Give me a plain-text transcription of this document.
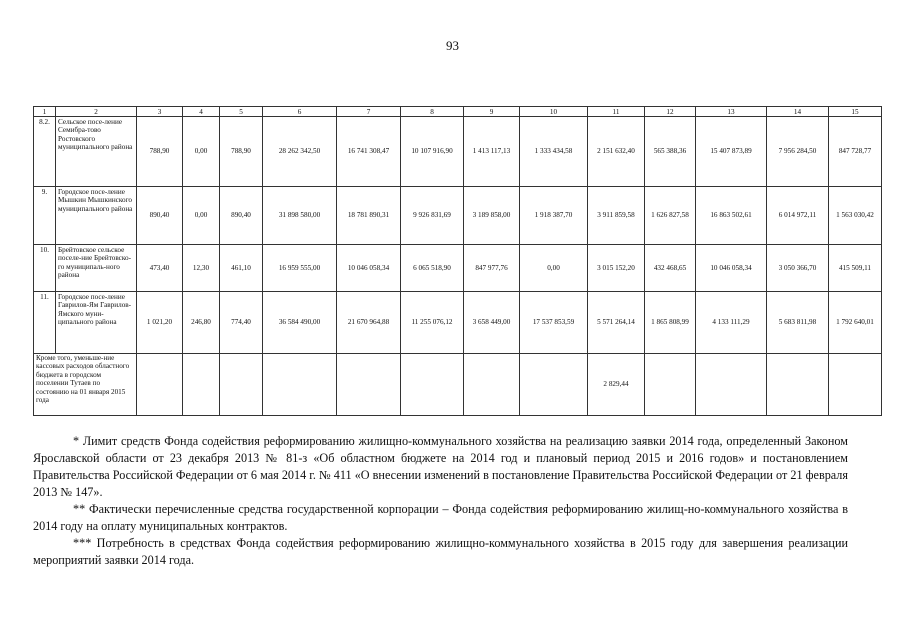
93
1	2	3	4	5	6	7	8	9	10	11	12	13	14	15
8.2.	Сельское посе-ление Семибра-тово Ростовского муниципального района	788,90	0,00	788,90	28 262 342,50	16 741 308,47	10 107 916,90	1 413 117,13	1 333 434,58	2 151 632,40	565 388,36	15 407 873,89	7 956 284,50	847 728,77
9.	Городское посе-ление Мышкин Мышкинского муниципального района	890,40	0,00	890,40	31 898 580,00	18 781 890,31	9 926 831,69	3 189 858,00	1 918 387,70	3 911 859,58	1 626 827,58	16 863 502,61	6 014 972,11	1 563 030,42
10.	Брейтовское сельское поселе-ние Брейтовско-го муниципаль-ного района	473,40	12,30	461,10	16 959 555,00	10 046 058,34	6 065 518,90	847 977,76	0,00	3 015 152,20	432 468,65	10 046 058,34	3 050 366,70	415 509,11
11.	Городское посе-ление Гаврилов-Ям Гаврилов-Ямского муни-ципального района	1 021,20	246,80	774,40	36 584 490,00	21 670 964,88	11 255 076,12	3 658 449,00	17 537 853,59	5 571 264,14	1 865 808,99	4 133 111,29	5 683 811,98	1 792 640,01
Кроме того, уменьше-ние кассовых расходов областного бюджета в городском поселении Тутаев по состоянию на 01 января 2015 года										2 829,44				

* Лимит средств Фонда содействия реформированию жилищно-коммунального хозяйства на реализацию заявки 2014 года, определенный Законом Ярославской области от 23 декабря 2013 № 81-з «Об областном бюджете на 2014 год и плановый период 2015 и 2016 годов» и постановлением Правительства Российской Федерации от 6 мая 2014 г. № 411 «О внесении изменений в постановление Правительства Российской Федерации от 21 февраля 2013 № 147».

** Фактически перечисленные средства государственной корпорации – Фонда содействия реформированию жилищ-но-коммунального хозяйства в 2014 году на оплату муниципальных контрактов.

*** Потребность в средствах Фонда содействия реформированию жилищно-коммунального хозяйства в 2015 году для завершения реализации мероприятий заявки 2014 года.
